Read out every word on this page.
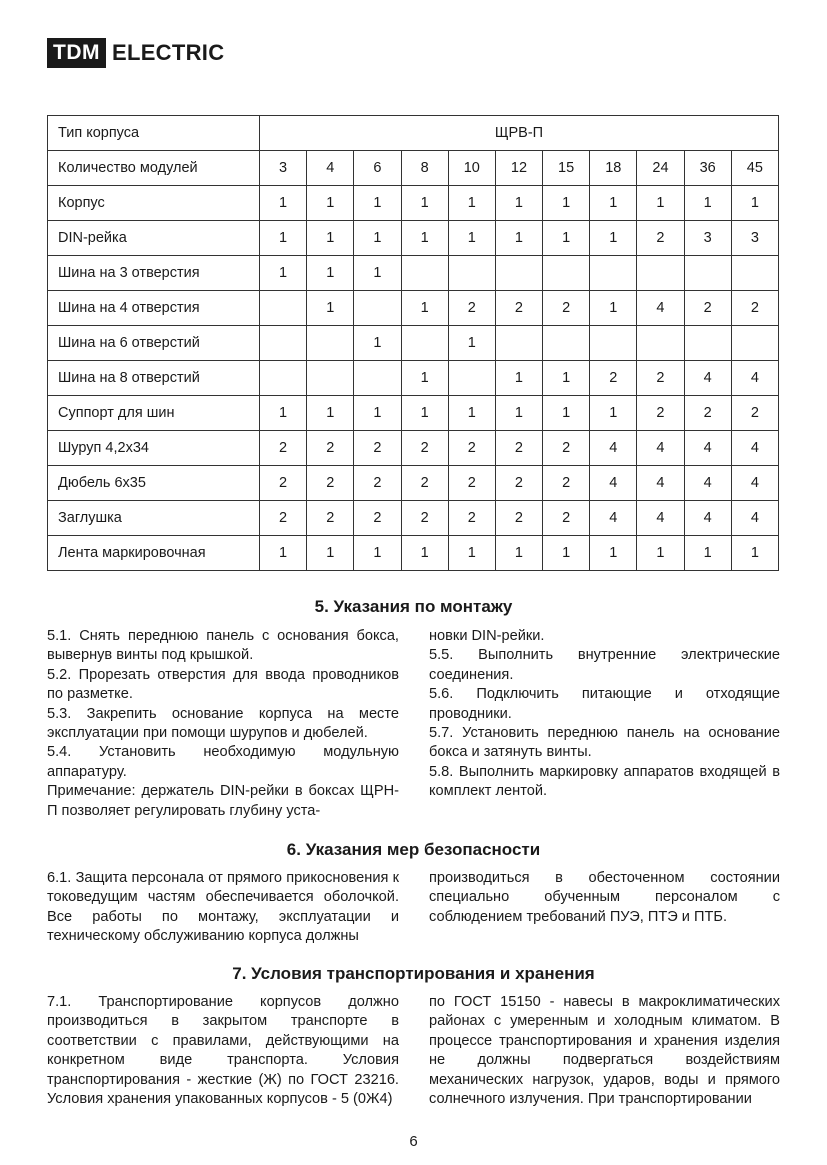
TDM ELECTRIC
Тип корпуса	ЩРВ-П										
Количество модулей	3	4	6	8	10	12	15	18	24	36	45
Корпус	1	1	1	1	1	1	1	1	1	1	1
DIN-рейка	1	1	1	1	1	1	1	1	2	3	3
Шина на 3 отверстия	1	1	1								
Шина на 4 отверстия		1		1	2	2	2	1	4	2	2
Шина на 6 отверстий			1		1						
Шина на 8 отверстий				1		1	1	2	2	4	4
Суппорт для шин	1	1	1	1	1	1	1	1	2	2	2
Шуруп 4,2x34	2	2	2	2	2	2	2	4	4	4	4
Дюбель 6x35	2	2	2	2	2	2	2	4	4	4	4
Заглушка	2	2	2	2	2	2	2	4	4	4	4
Лента маркировочная	1	1	1	1	1	1	1	1	1	1	1
5. Указания по монтажу

5.1. Снять переднюю панель с основания бокса, вывернув винты под крышкой.

5.2. Прорезать отверстия для ввода проводников по разметке.

5.3. Закрепить основание корпуса на месте эксплуатации при помощи шурупов и дюбелей.

5.4. Установить необходимую модульную аппаратуру.

Примечание: держатель DIN-рейки в боксах ЩРН-П позволяет регулировать глубину уста-

новки DIN-рейки.

5.5. Выполнить внутренние электрические соединения.

5.6. Подключить питающие и отходящие проводники.

5.7. Установить переднюю панель на основание бокса и затянуть винты.

5.8. Выполнить маркировку аппаратов входящей в комплект лентой.

6. Указания мер безопасности

6.1. Защита персонала от прямого прикосновения к токоведущим частям обеспечивается оболочкой. Все работы по монтажу, эксплуатации и техническому обслуживанию корпуса должны

производиться в обесточенном состоянии специально обученным персоналом с соблюдением требований ПУЭ, ПТЭ и ПТБ.

7. Условия транспортирования и хранения

7.1. Транспортирование корпусов должно производиться в закрытом транспорте в соответствии с правилами, действующими на конкретном виде транспорта. Условия транспортирования - жесткие (Ж) по ГОСТ 23216. Условия хранения упакованных корпусов - 5 (0Ж4)

по ГОСТ 15150 - навесы в макроклиматических районах с умеренным и холодным климатом. В процессе транспортирования и хранения изделия не должны подвергаться воздействиям механических нагрузок, ударов, воды и прямого солнечного излучения. При транспортировании

6
